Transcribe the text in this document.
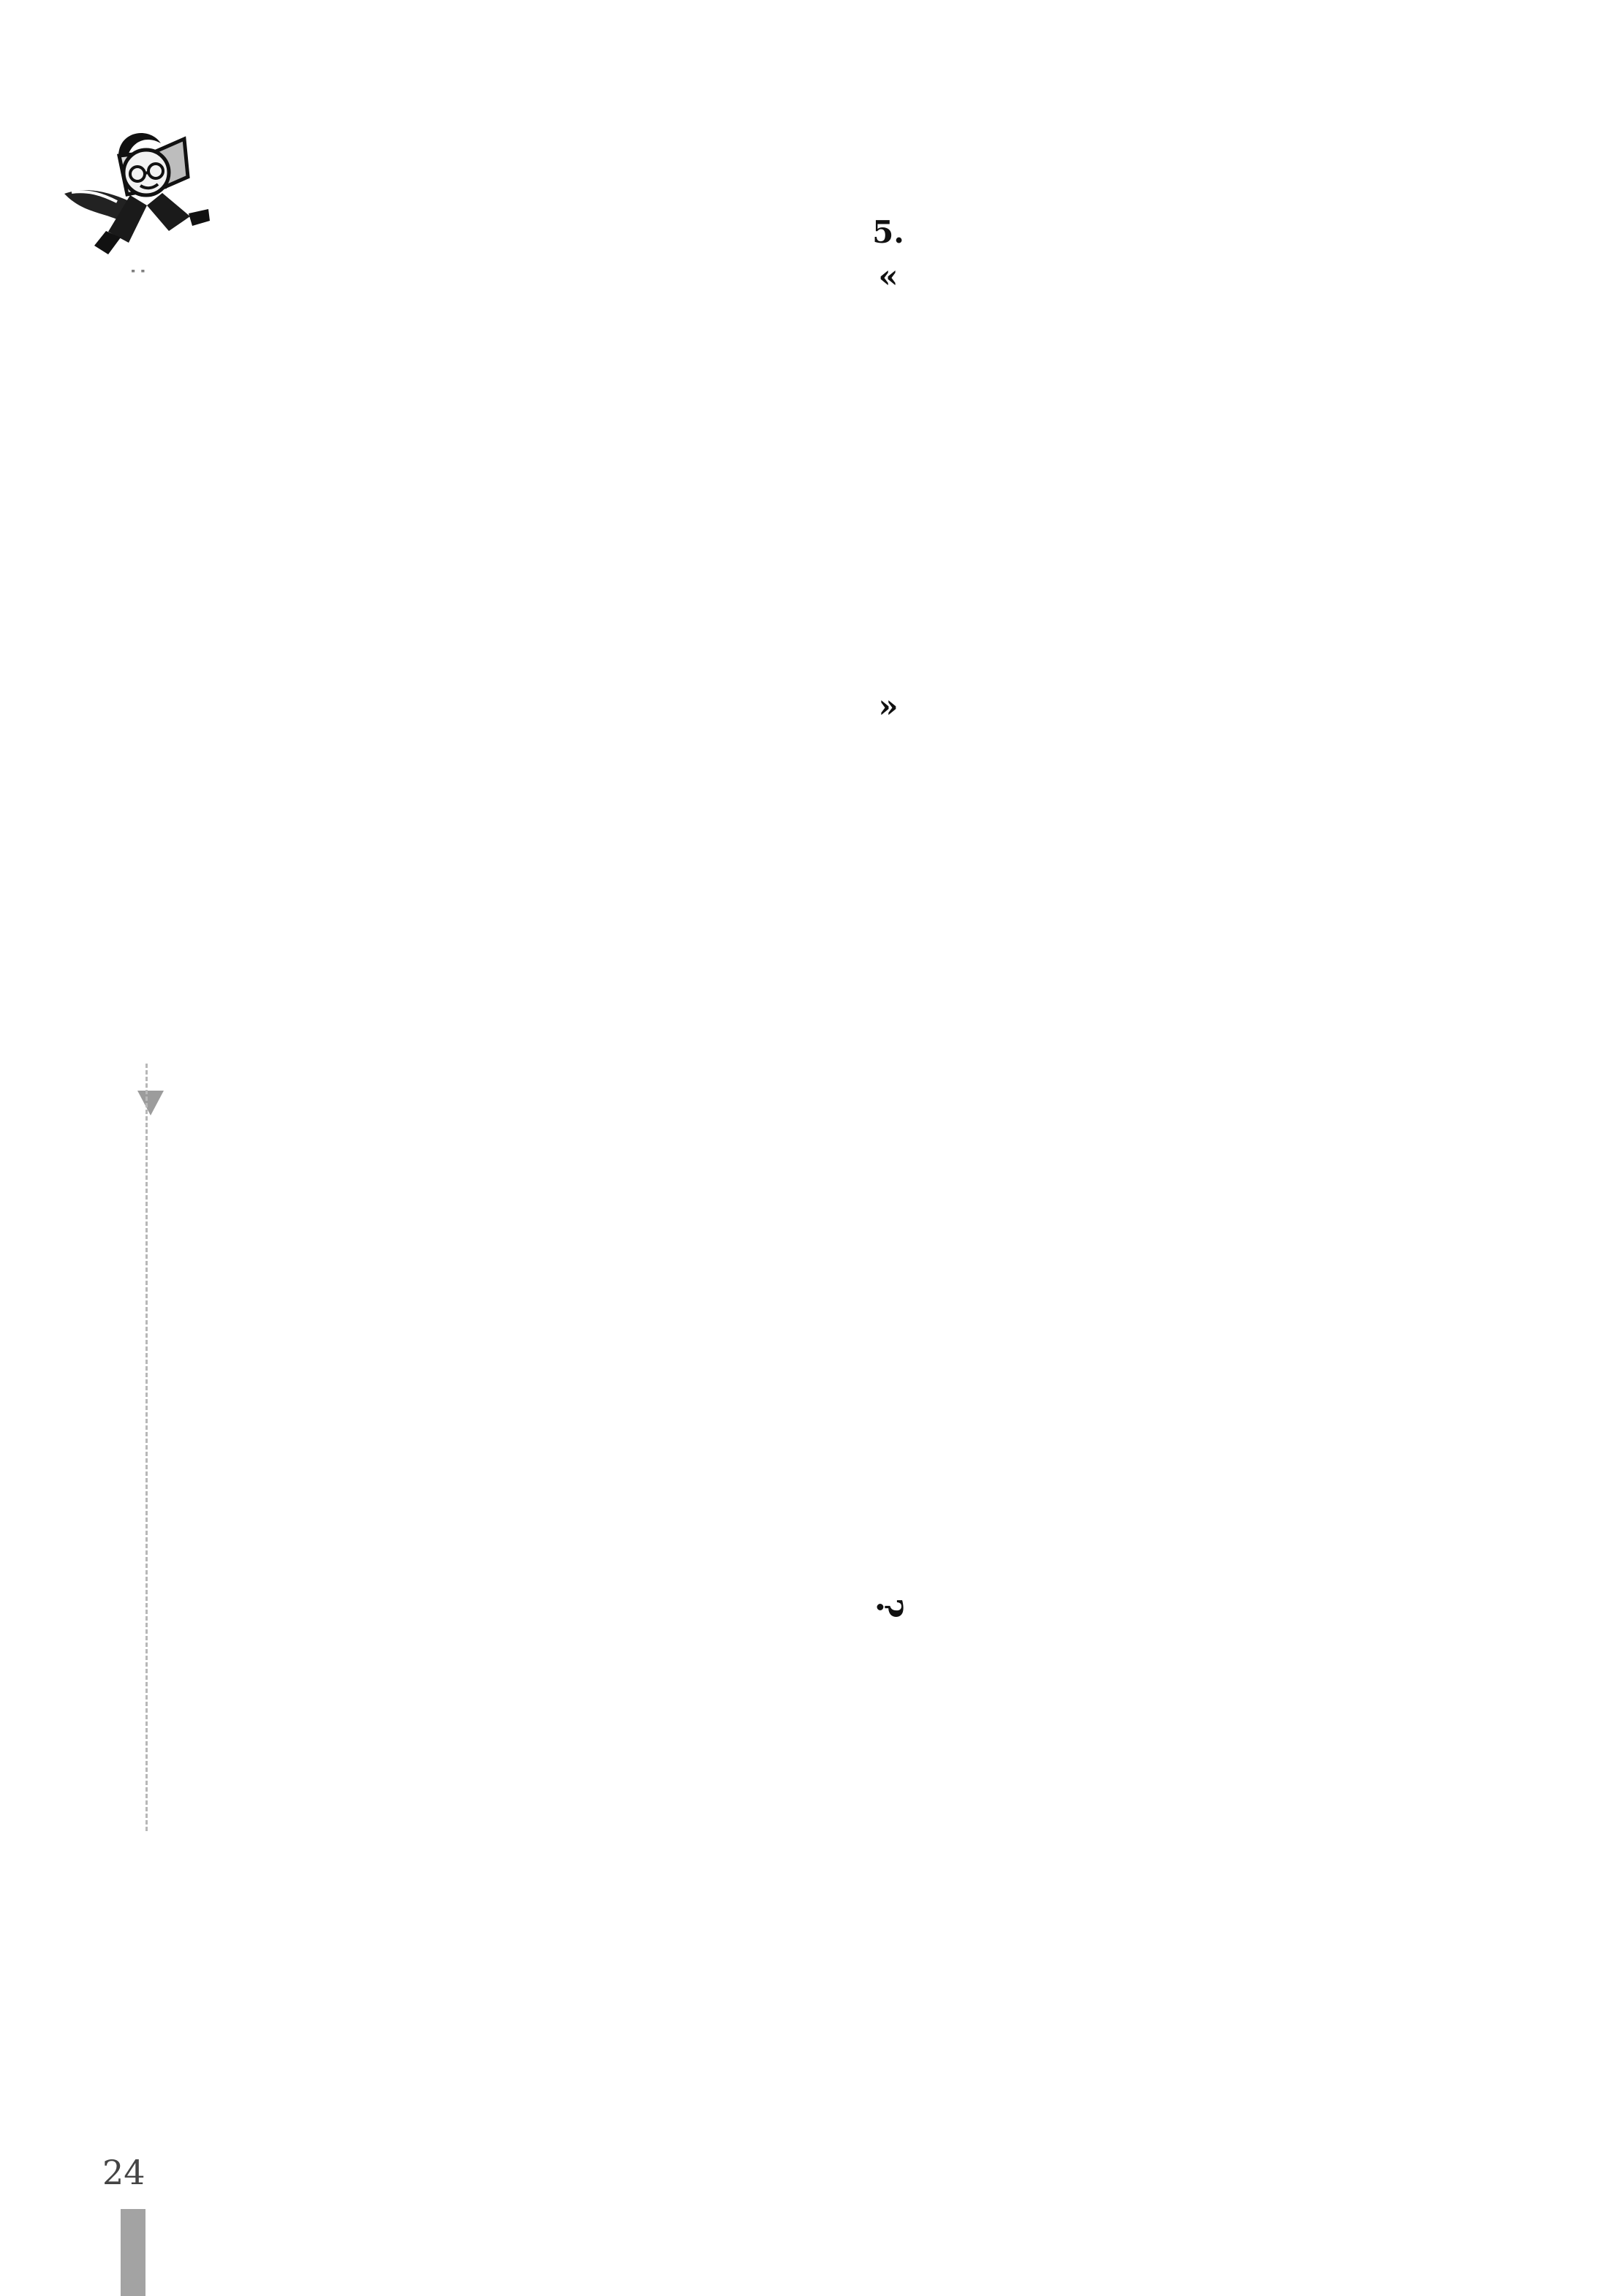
:
5.
«
»
?
24
